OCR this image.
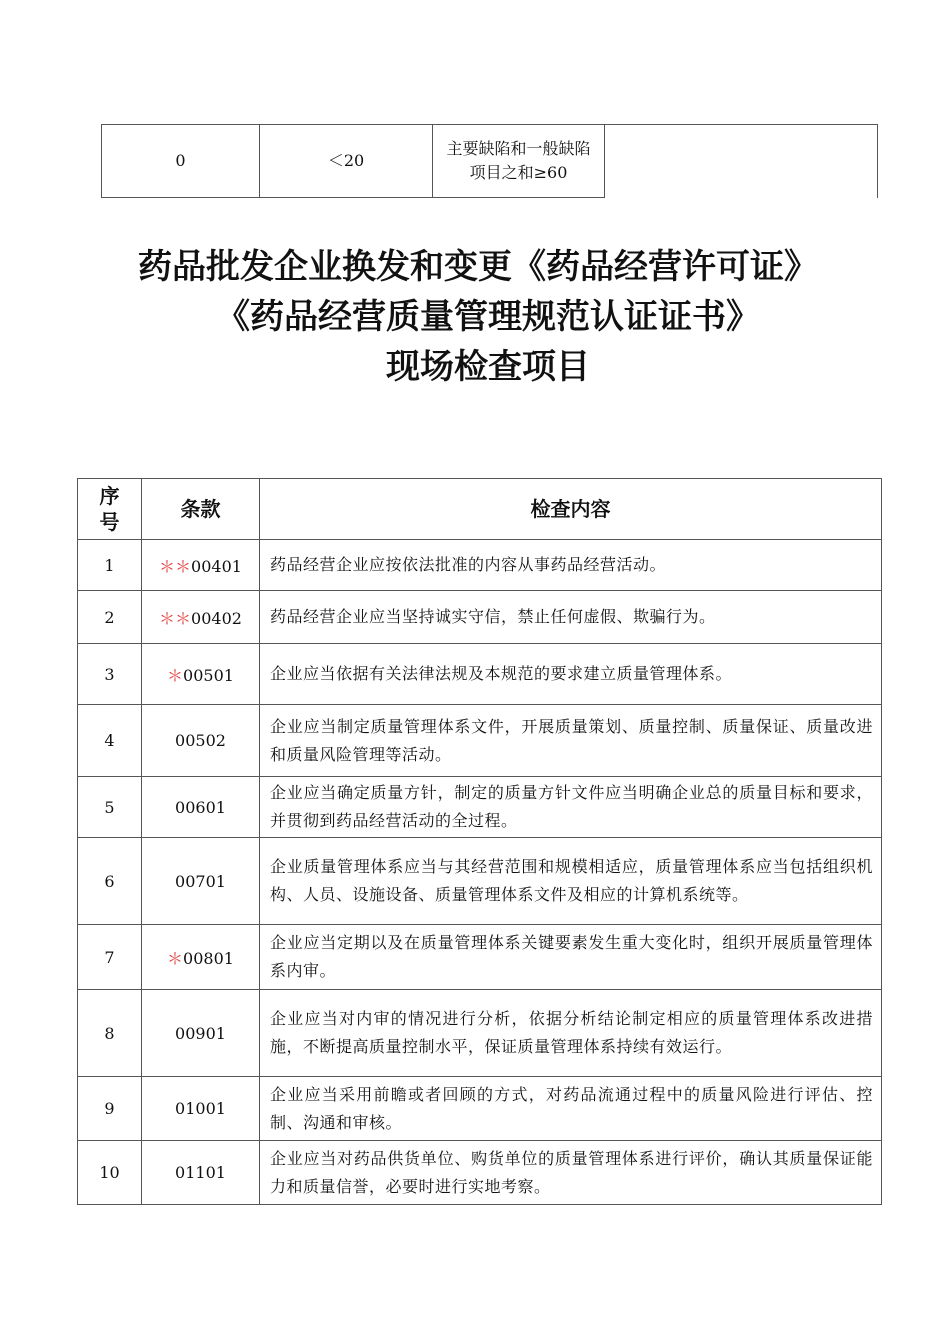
0	＜20	主要缺陷和一般缺陷项目之和≥60	
药品批发企业换发和变更《药品经营许可证》
《药品经营质量管理规范认证证书》
现场检查项目
序号	条款	检查内容
1	＊＊00401	药品经营企业应按依法批准的内容从事药品经营活动。
2	＊＊00402	药品经营企业应当坚持诚实守信，禁止任何虚假、欺骗行为。
3	＊00501	企业应当依据有关法律法规及本规范的要求建立质量管理体系。
4	00502	企业应当制定质量管理体系文件，开展质量策划、质量控制、质量保证、质量改进和质量风险管理等活动。
5	00601	企业应当确定质量方针，制定的质量方针文件应当明确企业总的质量目标和要求，并贯彻到药品经营活动的全过程。
6	00701	企业质量管理体系应当与其经营范围和规模相适应，质量管理体系应当包括组织机构、人员、设施设备、质量管理体系文件及相应的计算机系统等。
7	＊00801	企业应当定期以及在质量管理体系关键要素发生重大变化时，组织开展质量管理体系内审。
8	00901	企业应当对内审的情况进行分析，依据分析结论制定相应的质量管理体系改进措施，不断提高质量控制水平，保证质量管理体系持续有效运行。
9	01001	企业应当采用前瞻或者回顾的方式，对药品流通过程中的质量风险进行评估、控制、沟通和审核。
10	01101	企业应当对药品供货单位、购货单位的质量管理体系进行评价，确认其质量保证能力和质量信誉，必要时进行实地考察。
